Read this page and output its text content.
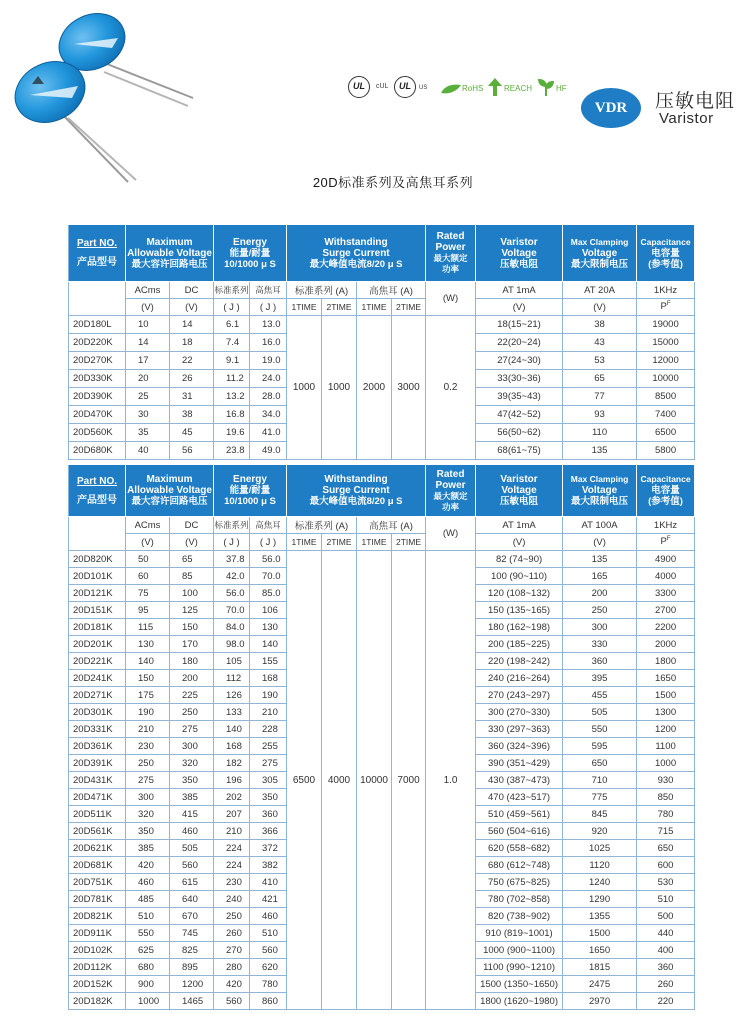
UL	cUL	UL	US	RoHS	REACH	HF
VDR	压敏电阻
Varistor
20D标准系列及高焦耳系列
Part NO.
产品型号	Maximum
Allowable Voltage
最大容许回路电压		Energy
能量/耐量
10/1000 μ S		Withstanding
Surge Current
最大峰值电流8/20 μ S				Rated
Power
最大额定
功率	Varistor
Voltage
压敏电阻	Max Clamping
Voltage
最大限制电压	Capacitance
电容量
(参考值)

	ACms	DC	标准系列	高焦耳	标准系列 (A)		高焦耳 (A)		(W)	AT 1mA	AT 20A	1KHz
	(V)	(V)	( J )	( J )	1TIME	2TIME	1TIME	2TIME		(V)	(V)	$P^F$
20D180L	10	14	6.1	13.0	1000	1000	2000	3000	0.2	18(15~21)	38	19000
20D220K	14	18	7.4	16.0						22(20~24)	43	15000
20D270K	17	22	9.1	19.0						27(24~30)	53	12000
20D330K	20	26	11.2	24.0						33(30~36)	65	10000
20D390K	25	31	13.2	28.0						39(35~43)	77	8500
20D470K	30	38	16.8	34.0						47(42~52)	93	7400
20D560K	35	45	19.6	41.0						56(50~62)	110	6500
20D680K	40	56	23.8	49.0						68(61~75)	135	5800
Part NO.
产品型号	Maximum
Allowable Voltage
最大容许回路电压		Energy
能量/耐量
10/1000 μ S		Withstanding
Surge Current
最大峰值电流8/20 μ S				Rated
Power
最大额定
功率	Varistor
Voltage
压敏电阻	Max Clamping
Voltage
最大限制电压	Capacitance
电容量
(参考值)

	ACms	DC	标准系列	高焦耳	标准系列 (A)		高焦耳 (A)		(W)	AT 1mA	AT 100A	1KHz
	(V)	(V)	( J )	( J )	1TIME	2TIME	1TIME	2TIME		(V)	(V)	$P^F$
20D820K	50	65	37.8	56.0	6500	4000	10000	7000	1.0	82 (74~90)	135	4900
20D101K	60	85	42.0	70.0						100 (90~110)	165	4000
20D121K	75	100	56.0	85.0						120 (108~132)	200	3300
20D151K	95	125	70.0	106						150 (135~165)	250	2700
20D181K	115	150	84.0	130						180 (162~198)	300	2200
20D201K	130	170	98.0	140						200 (185~225)	330	2000
20D221K	140	180	105	155						220 (198~242)	360	1800
20D241K	150	200	112	168						240 (216~264)	395	1650
20D271K	175	225	126	190						270 (243~297)	455	1500
20D301K	190	250	133	210						300 (270~330)	505	1300
20D331K	210	275	140	228						330 (297~363)	550	1200
20D361K	230	300	168	255						360 (324~396)	595	1100
20D391K	250	320	182	275						390 (351~429)	650	1000
20D431K	275	350	196	305						430 (387~473)	710	930
20D471K	300	385	202	350						470 (423~517)	775	850
20D511K	320	415	207	360						510 (459~561)	845	780
20D561K	350	460	210	366						560 (504~616)	920	715
20D621K	385	505	224	372						620 (558~682)	1025	650
20D681K	420	560	224	382						680 (612~748)	1120	600
20D751K	460	615	230	410						750 (675~825)	1240	530
20D781K	485	640	240	421						780 (702~858)	1290	510
20D821K	510	670	250	460						820 (738~902)	1355	500
20D911K	550	745	260	510						910 (819~1001)	1500	440
20D102K	625	825	270	560						1000 (900~1100)	1650	400
20D112K	680	895	280	620						1100 (990~1210)	1815	360
20D152K	900	1200	420	780						1500 (1350~1650)	2475	260
20D182K	1000	1465	560	860						1800 (1620~1980)	2970	220
